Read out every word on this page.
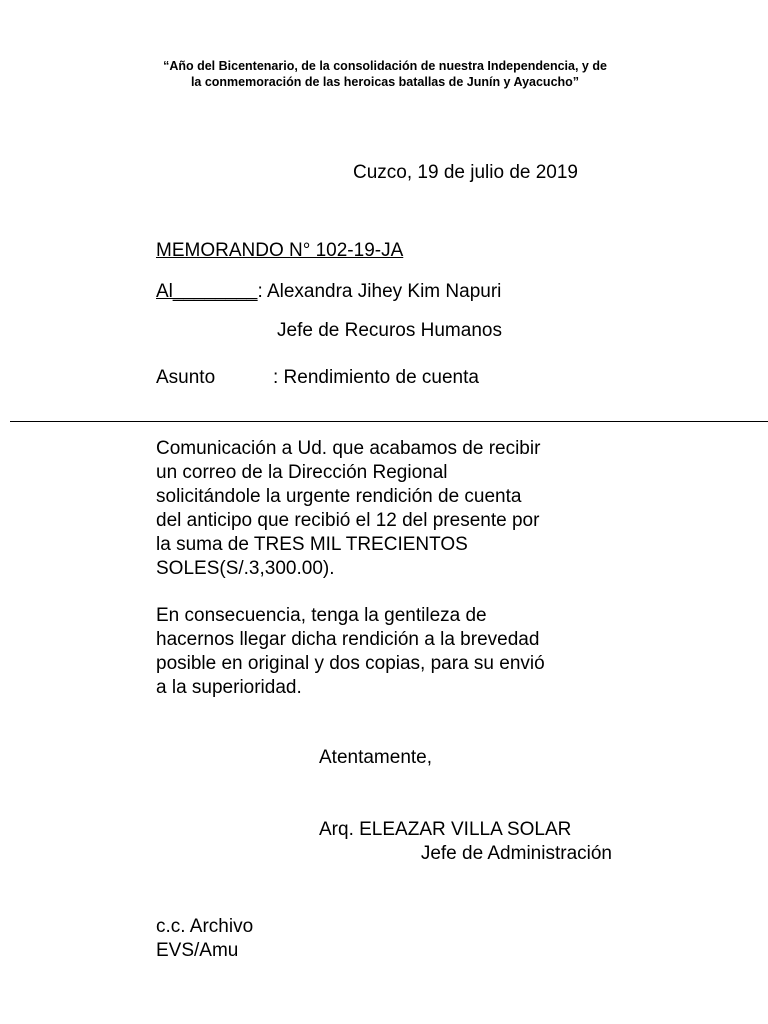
“Año del Bicentenario, de la consolidación de nuestra Independencia, y de
la conmemoración de las heroicas batallas de Junín y Ayacucho”
Cuzco, 19 de julio de 2019
MEMORANDO N° 102-19-JA
Al________: Alexandra Jihey Kim Napuri
Jefe de Recuros Humanos
Asunto	: Rendimiento de cuenta
Comunicación a Ud. que acabamos de recibir
un correo de la Dirección Regional
solicitándole la urgente rendición de cuenta
del anticipo que recibió el 12 del presente por
la suma de TRES MIL TRECIENTOS
SOLES(S/.3,300.00).
En consecuencia, tenga la gentileza de
hacernos llegar dicha rendición a la brevedad
posible en original y dos copias, para su envió
a la superioridad.
Atentamente,
Arq. ELEAZAR VILLA SOLAR
Jefe de Administración
c.c. Archivo
EVS/Amu
